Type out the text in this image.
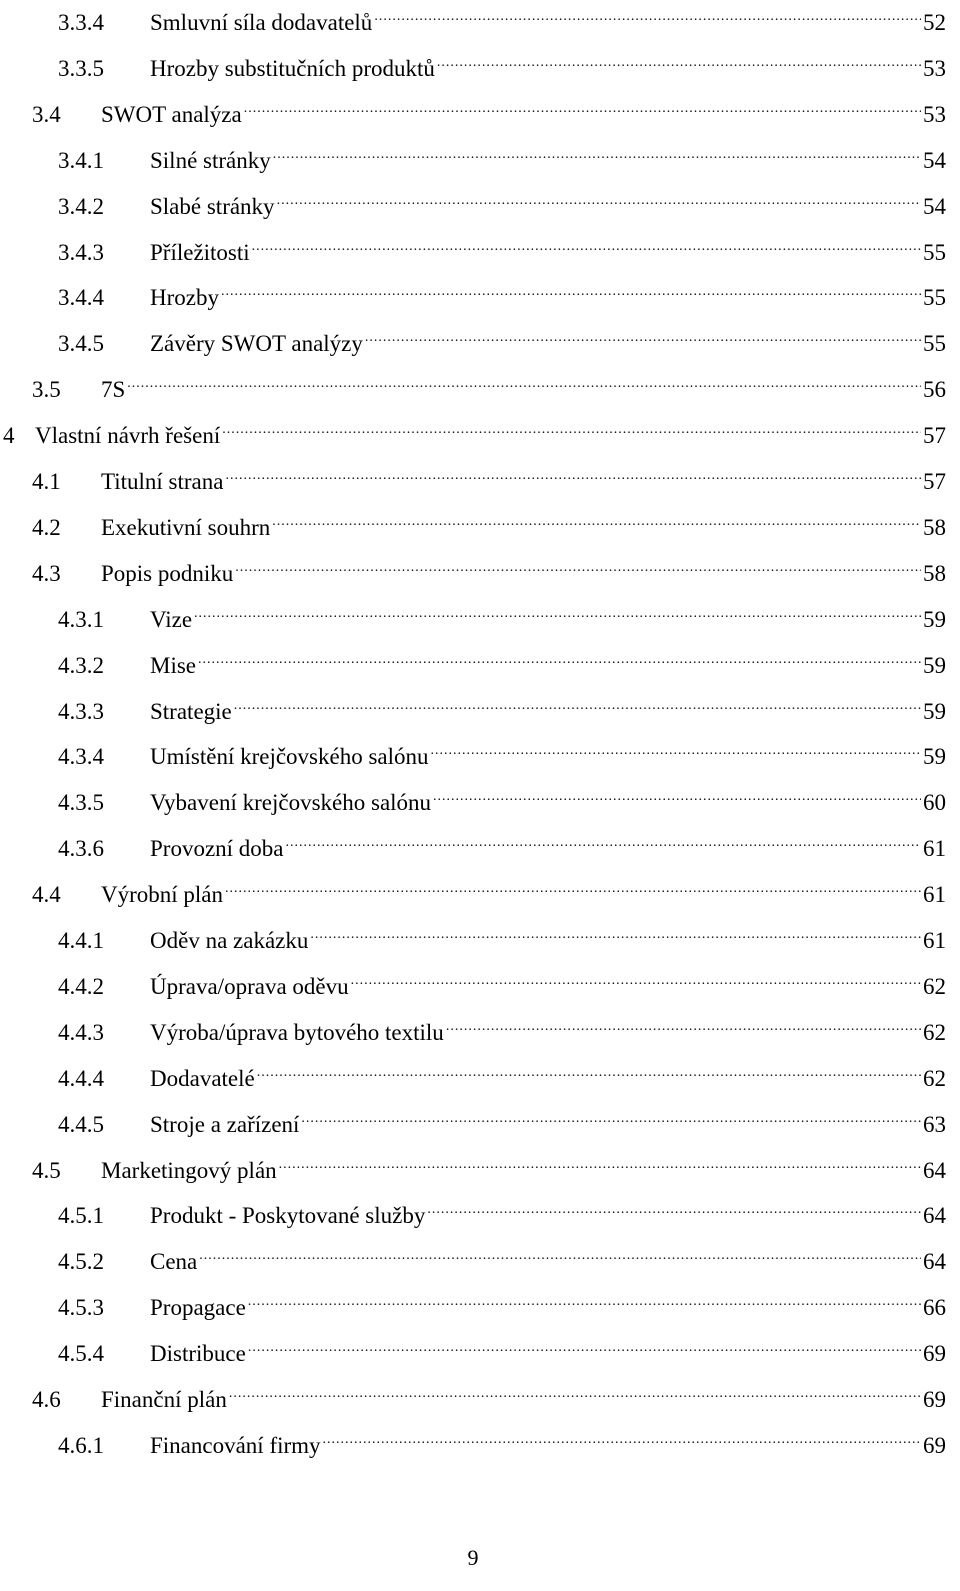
3.3.4	Smluvní síla dodavatelů .....	52
3.3.5	Hrozby substitučních produktů .....	53
3.4	SWOT analýza .....	53
3.4.1	Silné stránky .....	54
3.4.2	Slabé stránky .....	54
3.4.3	Příležitosti .....	55
3.4.4	Hrozby .....	55
3.4.5	Závěry SWOT analýzy .....	55
3.5	7S .....	56
4 Vlastní návrh řešení .....	57
4.1	Titulní strana .....	57
4.2	Exekutivní souhrn .....	58
4.3	Popis podniku .....	58
4.3.1	Vize .....	59
4.3.2	Mise .....	59
4.3.3	Strategie .....	59
4.3.4	Umístění krejčovského salónu .....	59
4.3.5	Vybavení krejčovského salónu .....	60
4.3.6	Provozní doba .....	61
4.4	Výrobní plán .....	61
4.4.1	Oděv na zakázku .....	61
4.4.2	Úprava/oprava oděvu .....	62
4.4.3	Výroba/úprava bytového textilu .....	62
4.4.4	Dodavatelé .....	62
4.4.5	Stroje a zařízení .....	63
4.5	Marketingový plán .....	64
4.5.1	Produkt - Poskytované služby .....	64
4.5.2	Cena .....	64
4.5.3	Propagace .....	66
4.5.4	Distribuce .....	69
4.6	Finanční plán .....	69
4.6.1	Financování firmy .....	69
9
